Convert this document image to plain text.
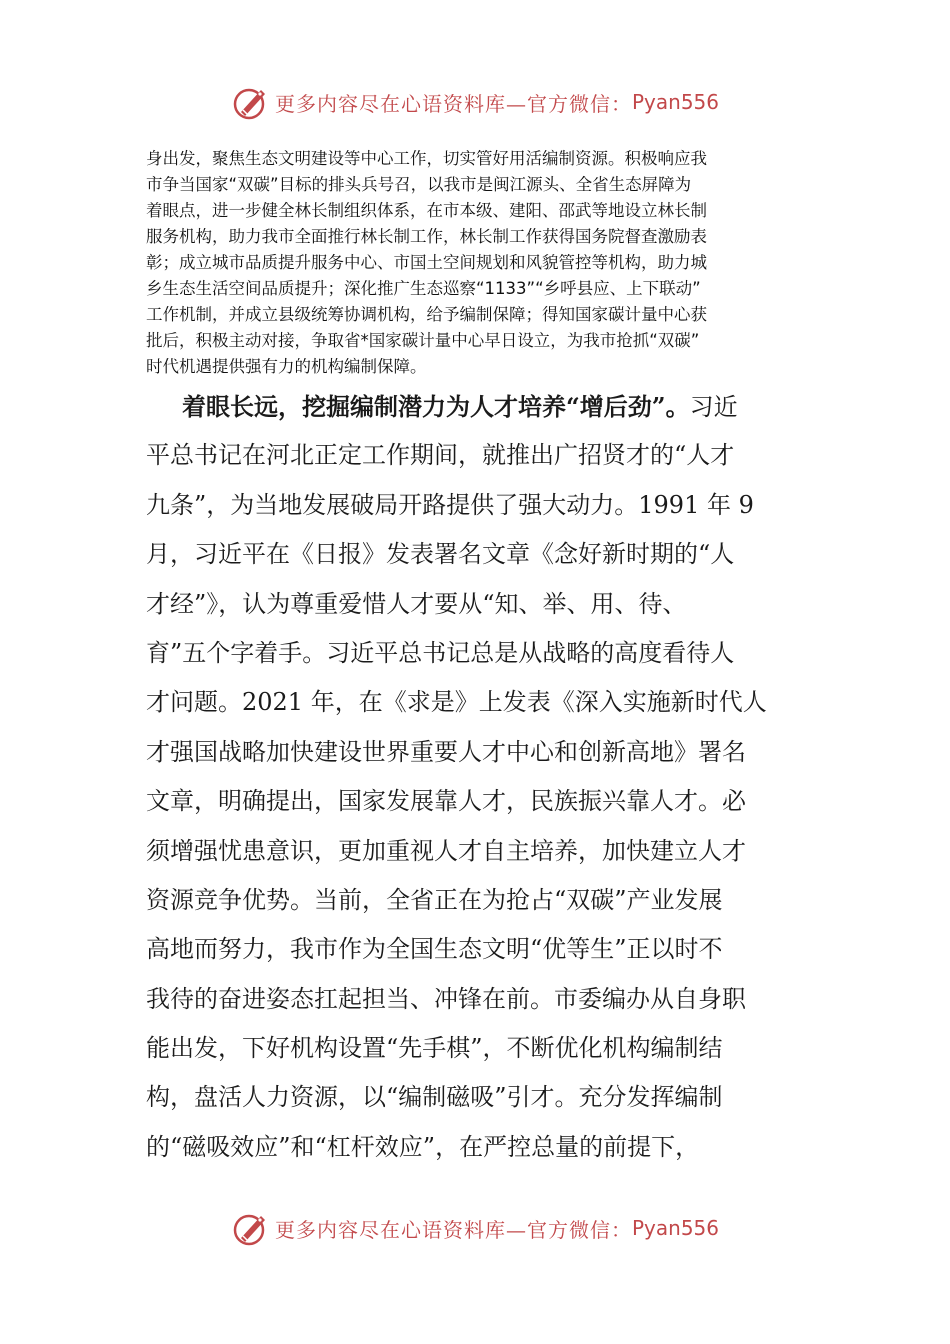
更多内容尽在心语资料库—官方微信： Pyan556
身出发，聚焦生态文明建设等中心工作，切实管好用活编制资源。积极响应我
市争当国家“双碳”目标的排头兵号召，以我市是闽江源头、全省生态屏障为
着眼点，进一步健全林长制组织体系，在市本级、建阳、邵武等地设立林长制
服务机构，助力我市全面推行林长制工作，林长制工作获得国务院督查激励表
彰；成立城市品质提升服务中心、市国土空间规划和风貌管控等机构，助力城
乡生态生活空间品质提升；深化推广生态巡察“1133”“乡呼县应、上下联动”
工作机制，并成立县级统筹协调机构，给予编制保障；得知国家碳计量中心获
批后，积极主动对接，争取省*国家碳计量中心早日设立，为我市抢抓“双碳”
时代机遇提供强有力的机构编制保障。
着眼长远，挖掘编制潜力为人才培养“增后劲”。习近
平总书记在河北正定工作期间，就推出广招贤才的“人才
九条”，为当地发展破局开路提供了强大动力。1991 年 9
月，习近平在《日报》发表署名文章《念好新时期的“人
才经”》，认为尊重爱惜人才要从“知、举、用、待、
育”五个字着手。习近平总书记总是从战略的高度看待人
才问题。2021 年，在《求是》上发表《深入实施新时代人
才强国战略加快建设世界重要人才中心和创新高地》署名
文章，明确提出，国家发展靠人才，民族振兴靠人才。必
须增强忧患意识，更加重视人才自主培养，加快建立人才
资源竞争优势。当前，全省正在为抢占“双碳”产业发展
高地而努力，我市作为全国生态文明“优等生”正以时不
我待的奋进姿态扛起担当、冲锋在前。市委编办从自身职
能出发，下好机构设置“先手棋”，不断优化机构编制结
构，盘活人力资源，以“编制磁吸”引才。充分发挥编制
的“磁吸效应”和“杠杆效应”，在严控总量的前提下，
更多内容尽在心语资料库—官方微信： Pyan556
